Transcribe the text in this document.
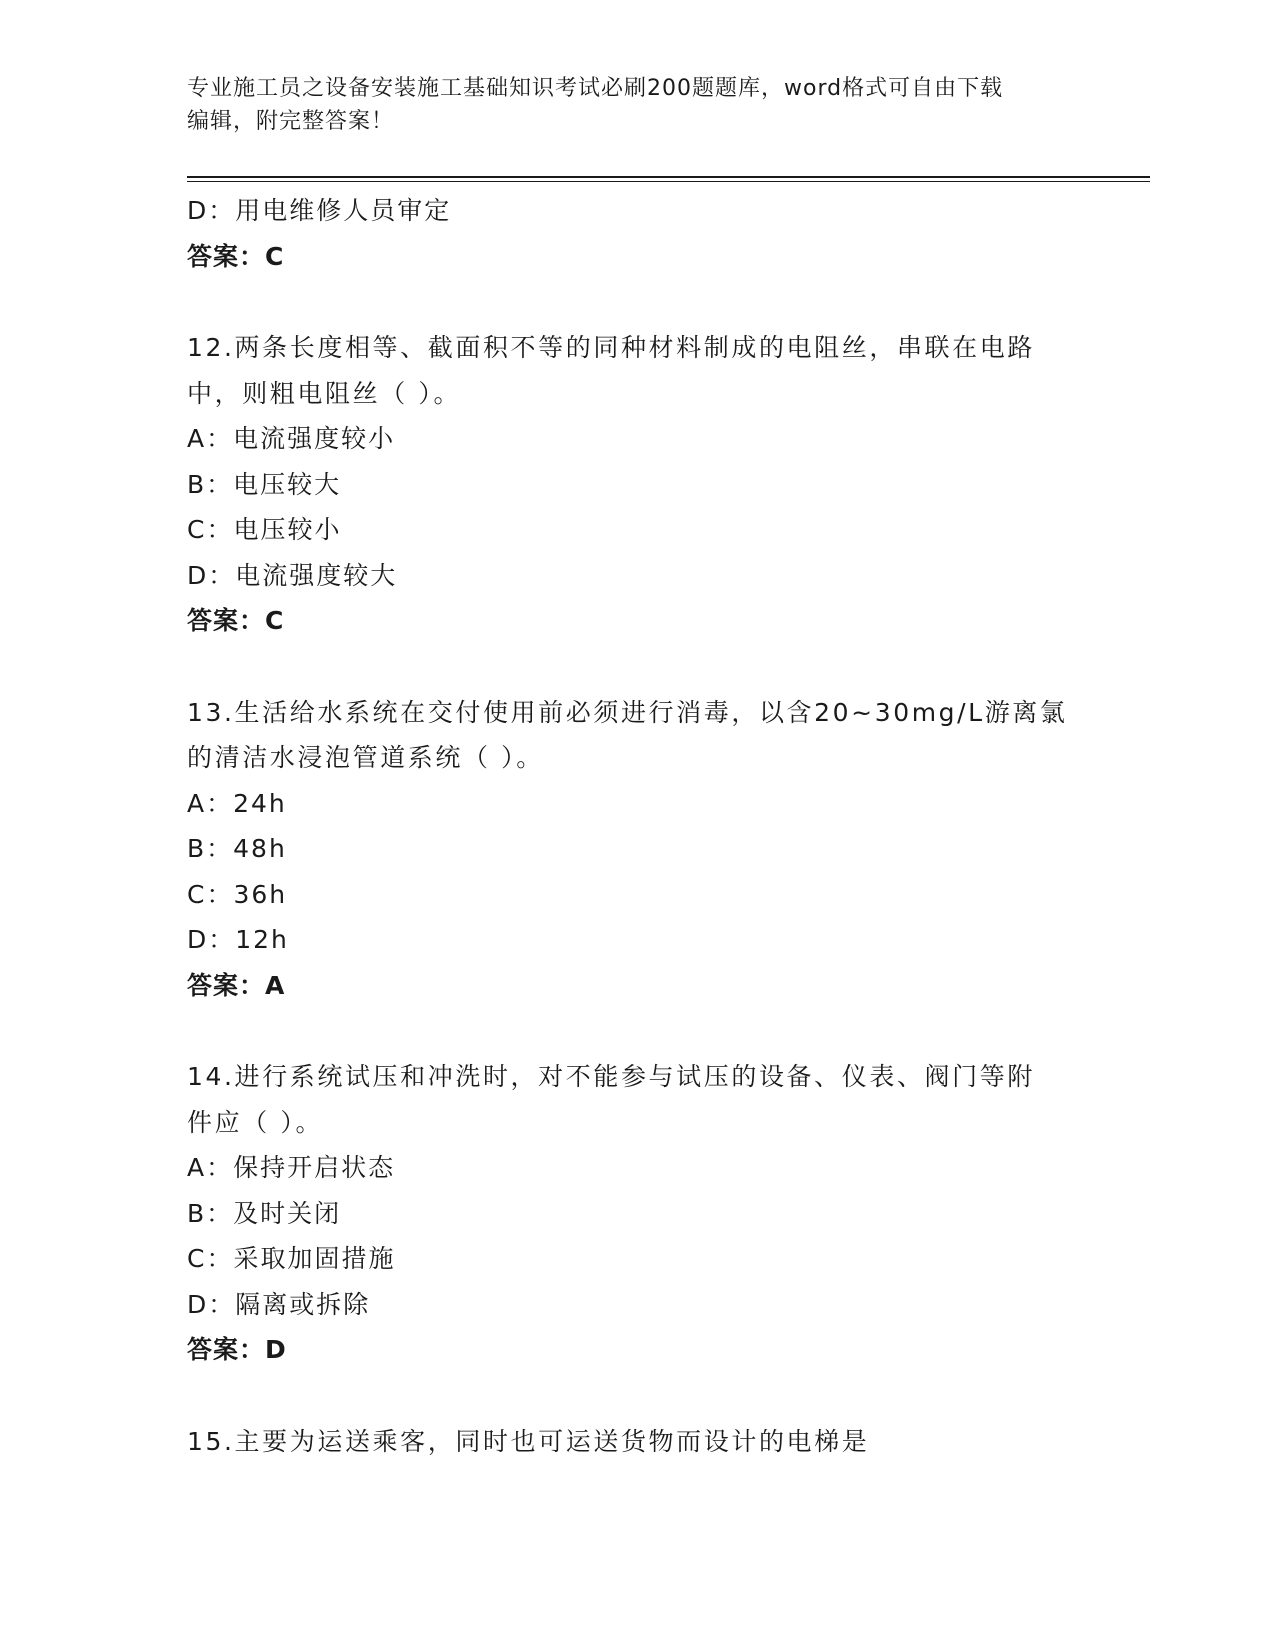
专业施工员之设备安装施工基础知识考试必刷200题题库，word格式可自由下载
编辑，附完整答案！
D：用电维修人员审定
答案：C
12.两条长度相等、截面积不等的同种材料制成的电阻丝，串联在电路
中，则粗电阻丝（ ）。
A：电流强度较小
B：电压较大
C：电压较小
D：电流强度较大
答案：C
13.生活给水系统在交付使用前必须进行消毒，以含20~30mg/L游离氯
的清洁水浸泡管道系统（ ）。
A：24h
B：48h
C：36h
D：12h
答案：A
14.进行系统试压和冲洗时，对不能参与试压的设备、仪表、阀门等附
件应（ ）。
A：保持开启状态
B：及时关闭
C：采取加固措施
D：隔离或拆除
答案：D
15.主要为运送乘客，同时也可运送货物而设计的电梯是
